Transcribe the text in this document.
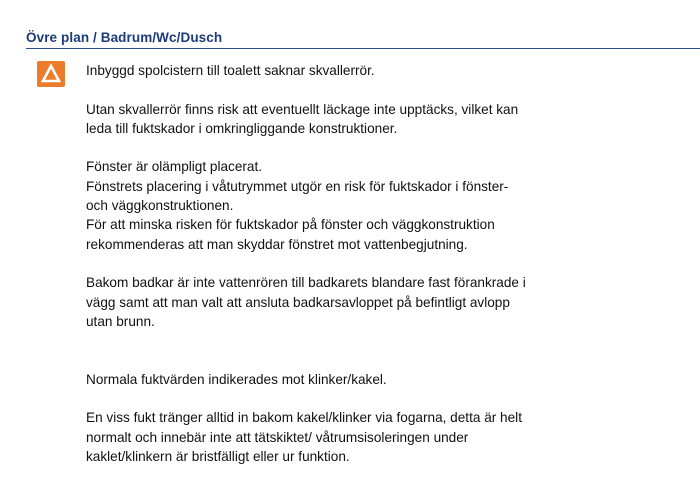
Övre plan / Badrum/Wc/Dusch

Inbyggd spolcistern till toalett saknar skvallerrör.

Utan skvallerrör finns risk att eventuellt läckage inte upptäcks, vilket kan
leda till fuktskador i omkringliggande konstruktioner.

Fönster är olämpligt placerat.
Fönstrets placering i våtutrymmet utgör en risk för fuktskador i fönster-
och väggkonstruktionen.
För att minska risken för fuktskador på fönster och väggkonstruktion
rekommenderas att man skyddar fönstret mot vattenbegjutning.

Bakom badkar är inte vattenrören till badkarets blandare fast förankrade i
vägg samt att man valt att ansluta badkarsavloppet på befintligt avlopp
utan brunn.

Normala fuktvärden indikerades mot klinker/kakel.

En viss fukt tränger alltid in bakom kakel/klinker via fogarna, detta är helt
normalt och innebär inte att tätskiktet/ våtrumsisoleringen under
kaklet/klinkern är bristfälligt eller ur funktion.
